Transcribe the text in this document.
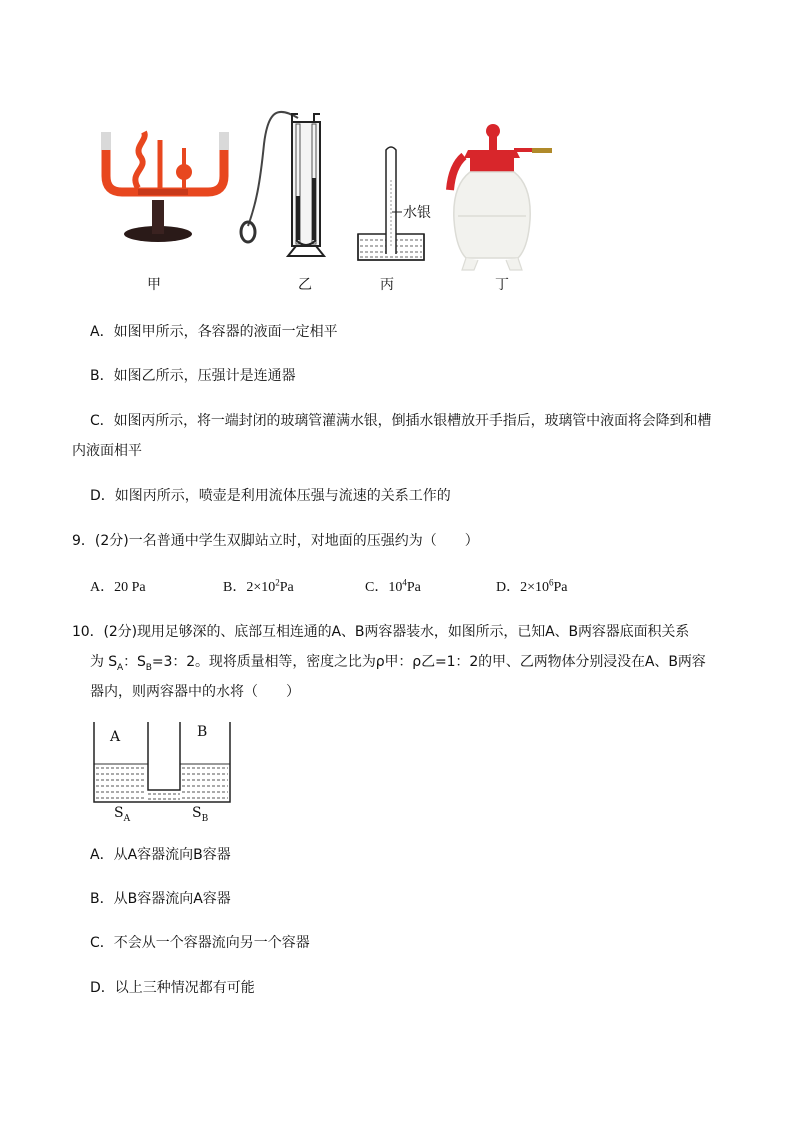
水银
甲	乙	丙	丁
A．如图甲所示，各容器的液面一定相平
B．如图乙所示，压强计是连通器
C．如图丙所示，将一端封闭的玻璃管灌满水银，倒插水银槽放开手指后，玻璃管中液面将会降到和槽
内液面相平
D．如图丙所示，喷壶是利用流体压强与流速的关系工作的
9．(2分)一名普通中学生双脚站立时，对地面的压强约为（　　）
A．20 Pa	B．$2\times 10^2Pa$	C．$10^4Pa$	D．$2\times 10^6Pa$
10．(2分)现用足够深的、底部互相连通的A、B两容器装水，如图所示，已知A、B两容器底面积关系
为 $S_A$：$S_B=3$：2。现将质量相等，密度之比为ρ甲：ρ乙=1：2的甲、乙两物体分别浸没在A、B两容
器内，则两容器中的水将（　　）
A	B
$S_A$	$S_B$
A．从A容器流向B容器
B．从B容器流向A容器
C．不会从一个容器流向另一个容器
D．以上三种情况都有可能
